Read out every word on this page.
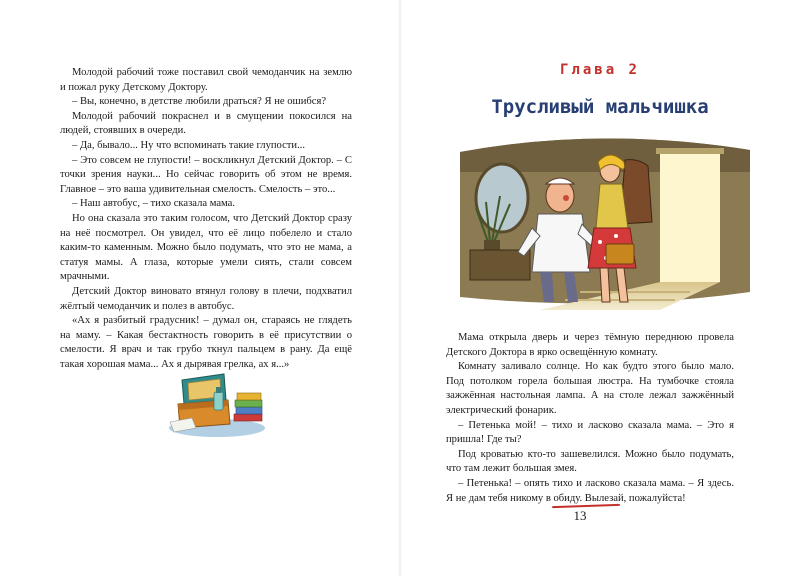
Молодой рабочий тоже поставил свой чемоданчик на землю и пожал руку Детскому Доктору.

– Вы, конечно, в детстве любили драться? Я не ошибся?

Молодой рабочий покраснел и в смущении покосился на людей, стоявших в очереди.

– Да, бывало... Ну что вспоминать такие глупости...

– Это совсем не глупости! – воскликнул Детский Доктор. – С точки зрения науки... Но сейчас говорить об этом не время. Главное – это ваша удивительная смелость. Смелость – это...

– Наш автобус, – тихо сказала мама.

Но она сказала это таким голосом, что Детский Доктор сразу на неё посмотрел. Он увидел, что её лицо побелело и стало каким-то каменным. Можно было подумать, что это не мама, а статуя мамы. А глаза, которые умели сиять, стали совсем мрачными.

Детский Доктор виновато втянул голову в плечи, подхватил жёлтый чемоданчик и полез в автобус.

«Ах я разбитый градусник! – думал он, стараясь не глядеть на маму. – Какая бестактность говорить в её присутствии о смелости. Я врач и так грубо ткнул пальцем в рану. Да ещё такая хорошая мама... Ах я дырявая грелка, ах я...»

Глава 2
Трусливый мальчишка

Мама открыла дверь и через тёмную переднюю провела Детского Доктора в ярко освещённую комнату.

Комнату заливало солнце. Но как будто этого было мало. Под потолком горела большая люстра. На тумбочке стояла зажжённая настольная лампа. А на столе лежал зажжённый электрический фонарик.

– Петенька мой! – тихо и ласково сказала мама. – Это я пришла! Где ты?

Под кроватью кто-то зашевелился. Можно было подумать, что там лежит большая змея.

– Петенька! – опять тихо и ласково сказала мама. – Я здесь. Я не дам тебя никому в обиду. Вылезай, пожалуйста!

13
